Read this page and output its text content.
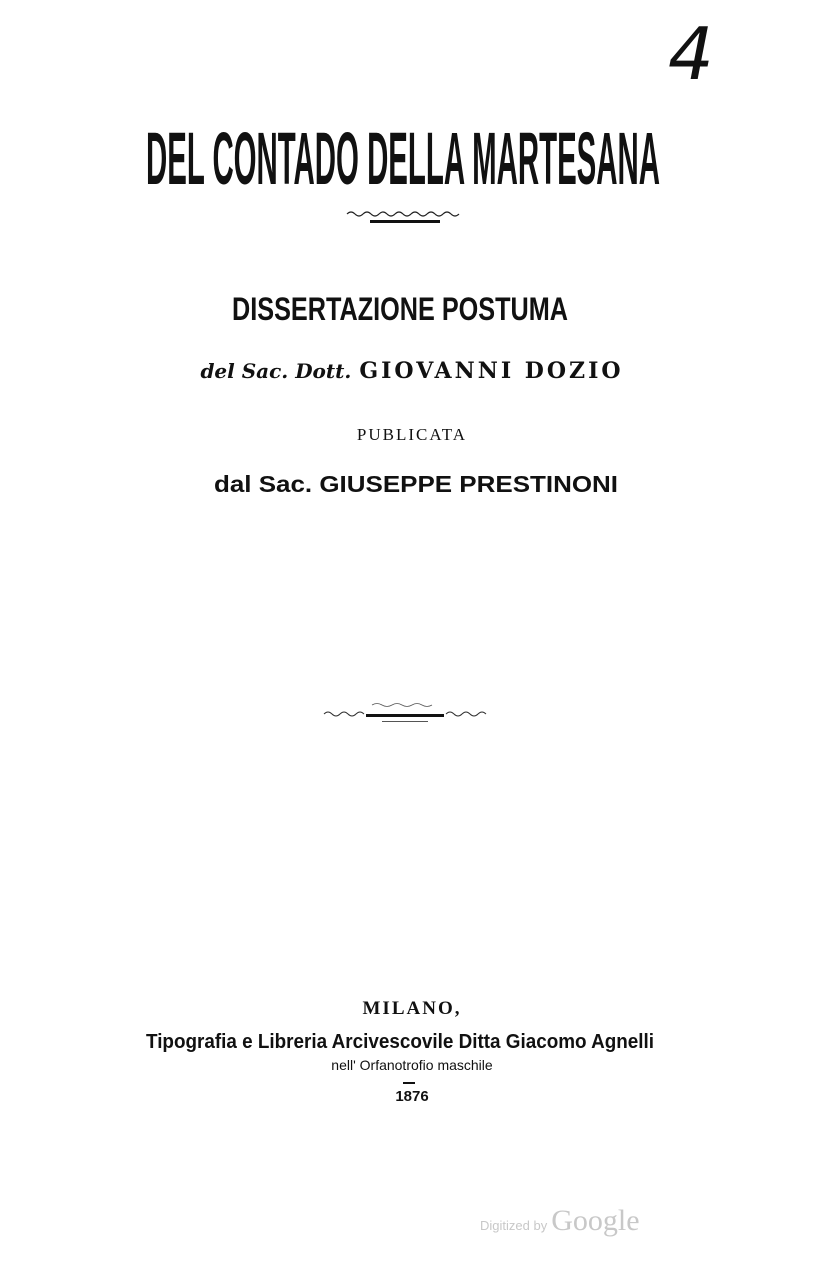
4
DEL CONTADO DELLA MARTESANA
DISSERTAZIONE POSTUMA
del Sac. Dott. GIOVANNI DOZIO
PUBLICATA
dal Sac. GIUSEPPE PRESTINONI
MILANO,
Tipografia e Libreria Arcivescovile Ditta Giacomo Agnelli
nell' Orfanotrofio maschile
1876
Digitized by Google
